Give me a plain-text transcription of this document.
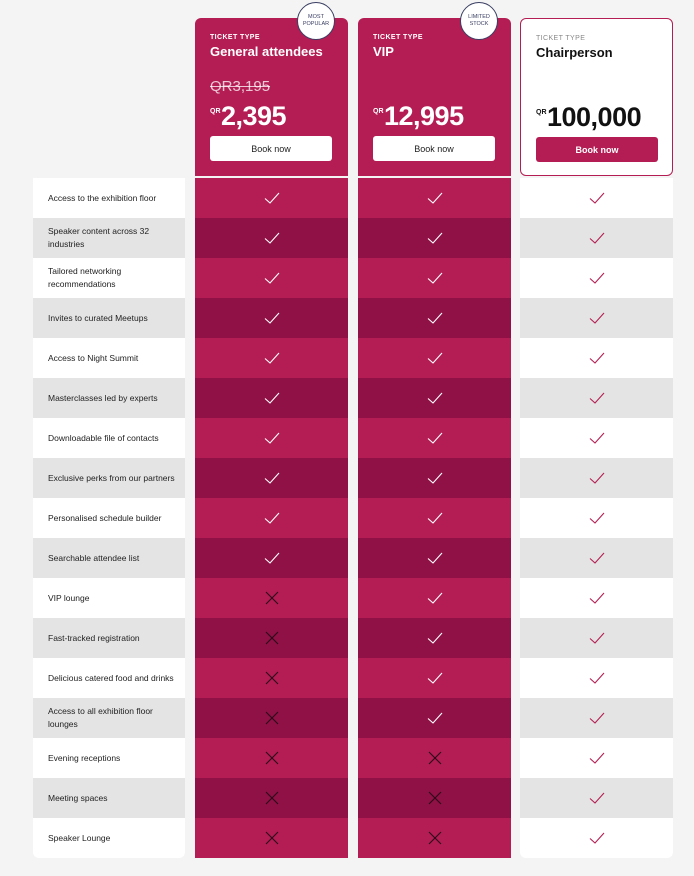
TICKET TYPE
General attendees
QR3,195
QR 2,395
Book now
MOST
POPULAR
TICKET TYPE
VIP
QR 12,995
Book now
LIMITED
STOCK
TICKET TYPE
Chairperson
QR 100,000
Book now
Access to the exhibition floor
Speaker content across 32 industries
Tailored networking recommendations
Invites to curated Meetups
Access to Night Summit
Masterclasses led by experts
Downloadable file of contacts
Exclusive perks from our partners
Personalised schedule builder
Searchable attendee list
VIP lounge
Fast-tracked registration
Delicious catered food and drinks
Access to all exhibition floor lounges
Evening receptions
Meeting spaces
Speaker Lounge
